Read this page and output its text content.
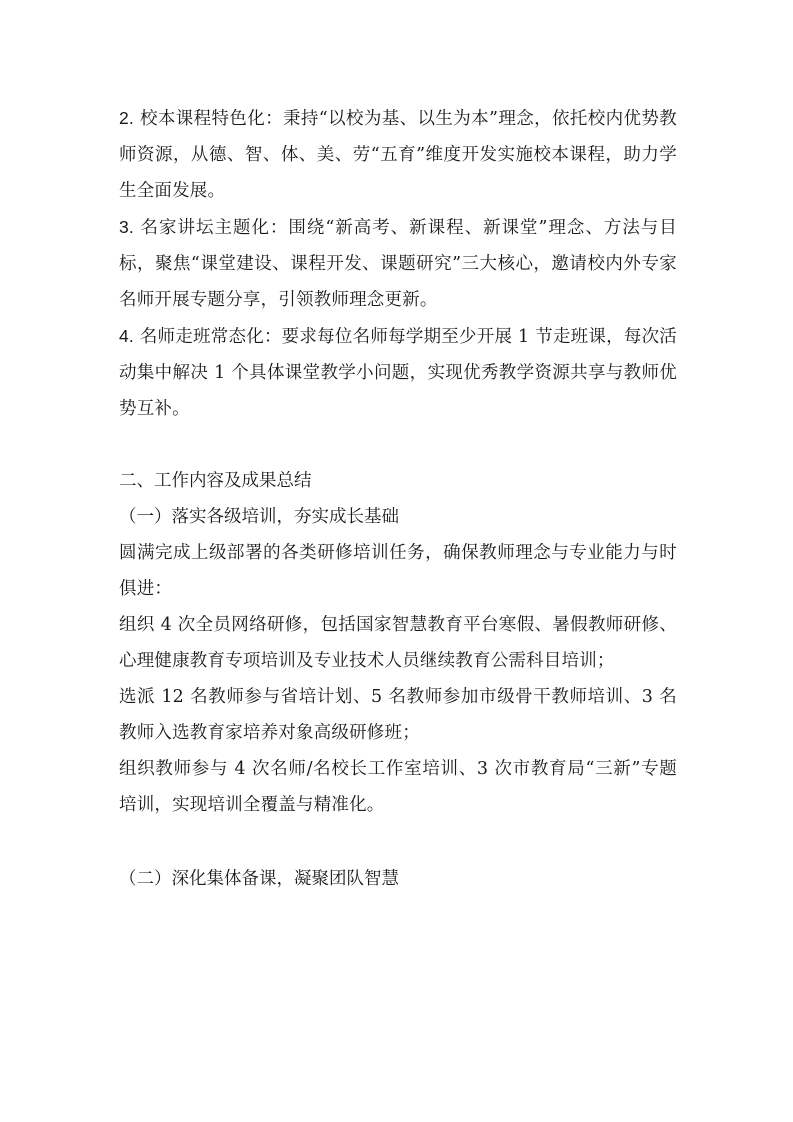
2. 校本课程特色化：秉持“以校为基、以生为本”理念，依托校内优势教师资源，从德、智、体、美、劳“五育”维度开发实施校本课程，助力学生全面发展。

3. 名家讲坛主题化：围绕“新高考、新课程、新课堂”理念、方法与目标，聚焦“课堂建设、课程开发、课题研究”三大核心，邀请校内外专家名师开展专题分享，引领教师理念更新。

4. 名师走班常态化：要求每位名师每学期至少开展 1 节走班课，每次活动集中解决 1 个具体课堂教学小问题，实现优秀教学资源共享与教师优势互补。

二、工作内容及成果总结

（一）落实各级培训，夯实成长基础

圆满完成上级部署的各类研修培训任务，确保教师理念与专业能力与时俱进：

组织 4 次全员网络研修，包括国家智慧教育平台寒假、暑假教师研修、心理健康教育专项培训及专业技术人员继续教育公需科目培训；

选派 12 名教师参与省培计划、5 名教师参加市级骨干教师培训、3 名教师入选教育家培养对象高级研修班；

组织教师参与 4 次名师/名校长工作室培训、3 次市教育局“三新”专题培训，实现培训全覆盖与精准化。

（二）深化集体备课，凝聚团队智慧
